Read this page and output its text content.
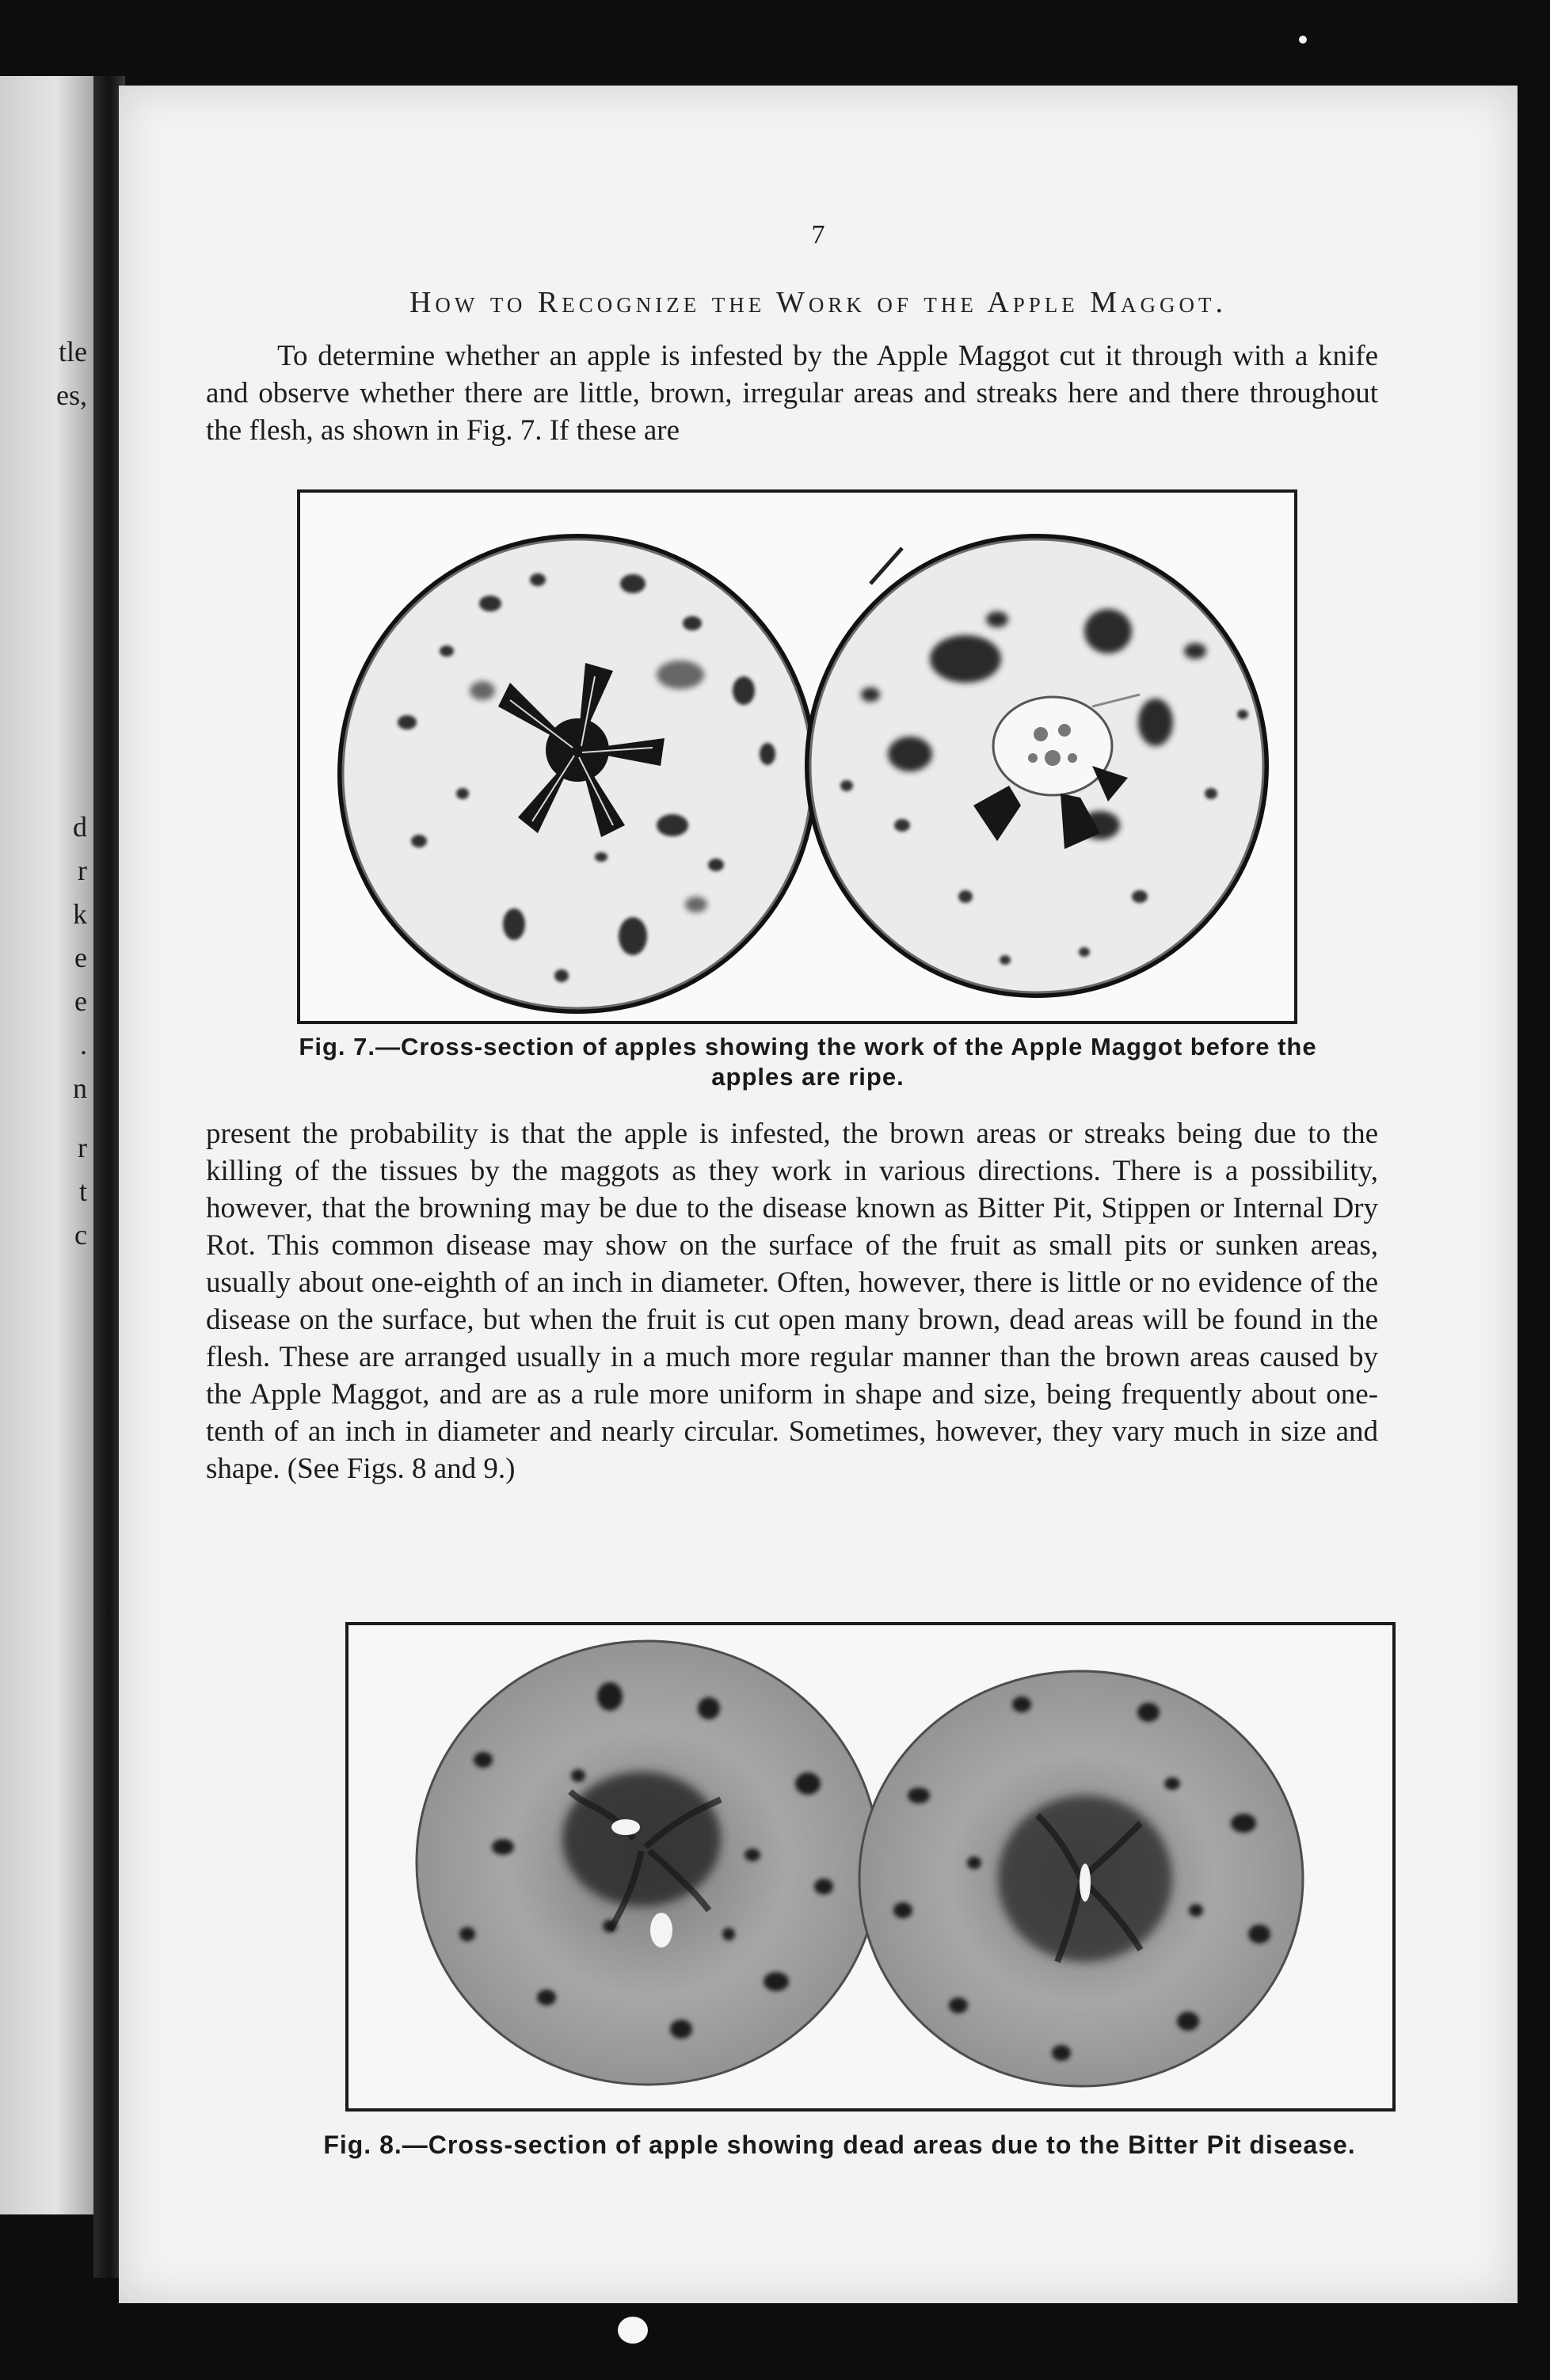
tle
es,
d
r
k
e
e
.
n
r
t
c
7
How to Recognize the Work of the Apple Maggot.

To determine whether an apple is infested by the Apple Maggot cut it through with a knife and observe whether there are little, brown, irregular areas and streaks here and there throughout the flesh, as shown in Fig. 7. If these are

Fig. 7.—Cross-section of apples showing the work of the Apple Maggot before the apples are ripe.

present the probability is that the apple is infested, the brown areas or streaks being due to the killing of the tissues by the maggots as they work in various directions. There is a possibility, however, that the browning may be due to the disease known as Bitter Pit, Stippen or Internal Dry Rot. This common disease may show on the surface of the fruit as small pits or sunken areas, usually about one-eighth of an inch in diameter. Often, however, there is little or no evidence of the disease on the surface, but when the fruit is cut open many brown, dead areas will be found in the flesh. These are arranged usually in a much more regular manner than the brown areas caused by the Apple Maggot, and are as a rule more uniform in shape and size, being frequently about one-tenth of an inch in diameter and nearly circular. Sometimes, however, they vary much in size and shape. (See Figs. 8 and 9.)

Fig. 8.—Cross-section of apple showing dead areas due to the Bitter Pit disease.
